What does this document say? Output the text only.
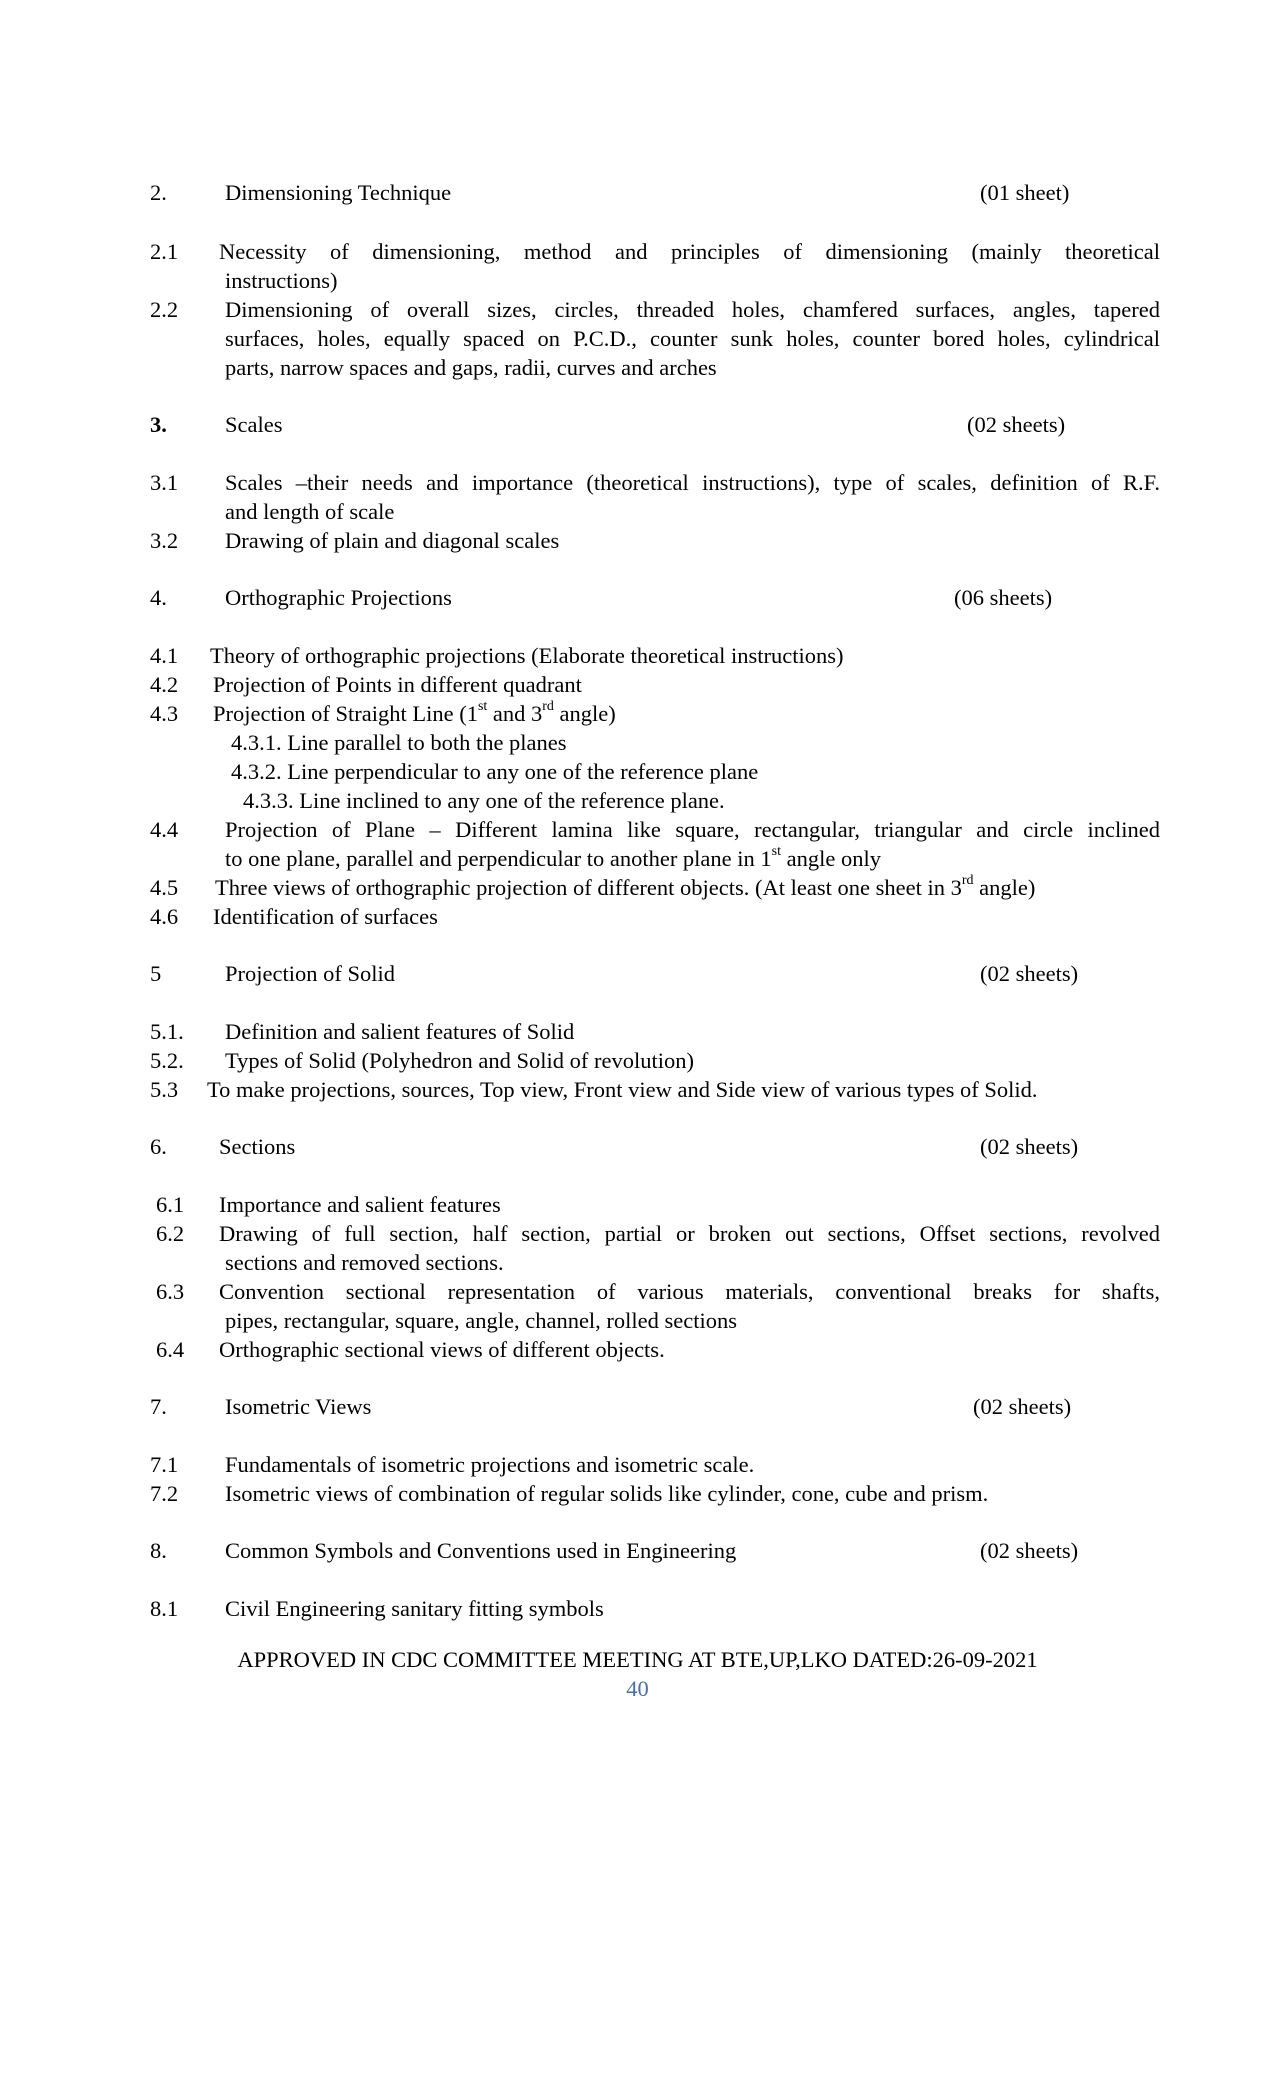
2.	Dimensioning Technique	(01 sheet)
2.1 Necessity of dimensioning, method and principles of dimensioning (mainly theoretical
instructions)
2.2 Dimensioning of overall sizes, circles, threaded holes, chamfered surfaces, angles, tapered
surfaces, holes, equally spaced on P.C.D., counter sunk holes, counter bored holes, cylindrical
parts, narrow spaces and gaps, radii, curves and arches
3.	Scales	(02 sheets)
3.1 Scales –their needs and importance (theoretical instructions), type of scales, definition of R.F.
and length of scale
3.2 Drawing of plain and diagonal scales
4.	Orthographic Projections	(06 sheets)
4.1 Theory of orthographic projections (Elaborate theoretical instructions)
4.2 Projection of Points in different quadrant
4.3 Projection of Straight Line (1st and 3rd angle)
4.3.1. Line parallel to both the planes
4.3.2. Line perpendicular to any one of the reference plane
4.3.3. Line inclined to any one of the reference plane.
4.4 Projection of Plane – Different lamina like square, rectangular, triangular and circle inclined
to one plane, parallel and perpendicular to another plane in 1st angle only
4.5 Three views of orthographic projection of different objects. (At least one sheet in 3rd angle)
4.6 Identification of surfaces
5	Projection of Solid	(02 sheets)
5.1. Definition and salient features of Solid
5.2. Types of Solid (Polyhedron and Solid of revolution)
5.3 To make projections, sources, Top view, Front view and Side view of various types of Solid.
6. Sections	(02 sheets)
6.1 Importance and salient features
6.2 Drawing of full section, half section, partial or broken out sections, Offset sections, revolved
sections and removed sections.
6.3 Convention sectional representation of various materials, conventional breaks for shafts,
pipes, rectangular, square, angle, channel, rolled sections
6.4 Orthographic sectional views of different objects.
7.	Isometric Views	(02 sheets)
7.1 Fundamentals of isometric projections and isometric scale.
7.2 Isometric views of combination of regular solids like cylinder, cone, cube and prism.
8.	Common Symbols and Conventions used in Engineering	(02 sheets)
8.1 Civil Engineering sanitary fitting symbols
APPROVED IN CDC COMMITTEE MEETING AT BTE,UP,LKO DATED:26-09-2021
40
